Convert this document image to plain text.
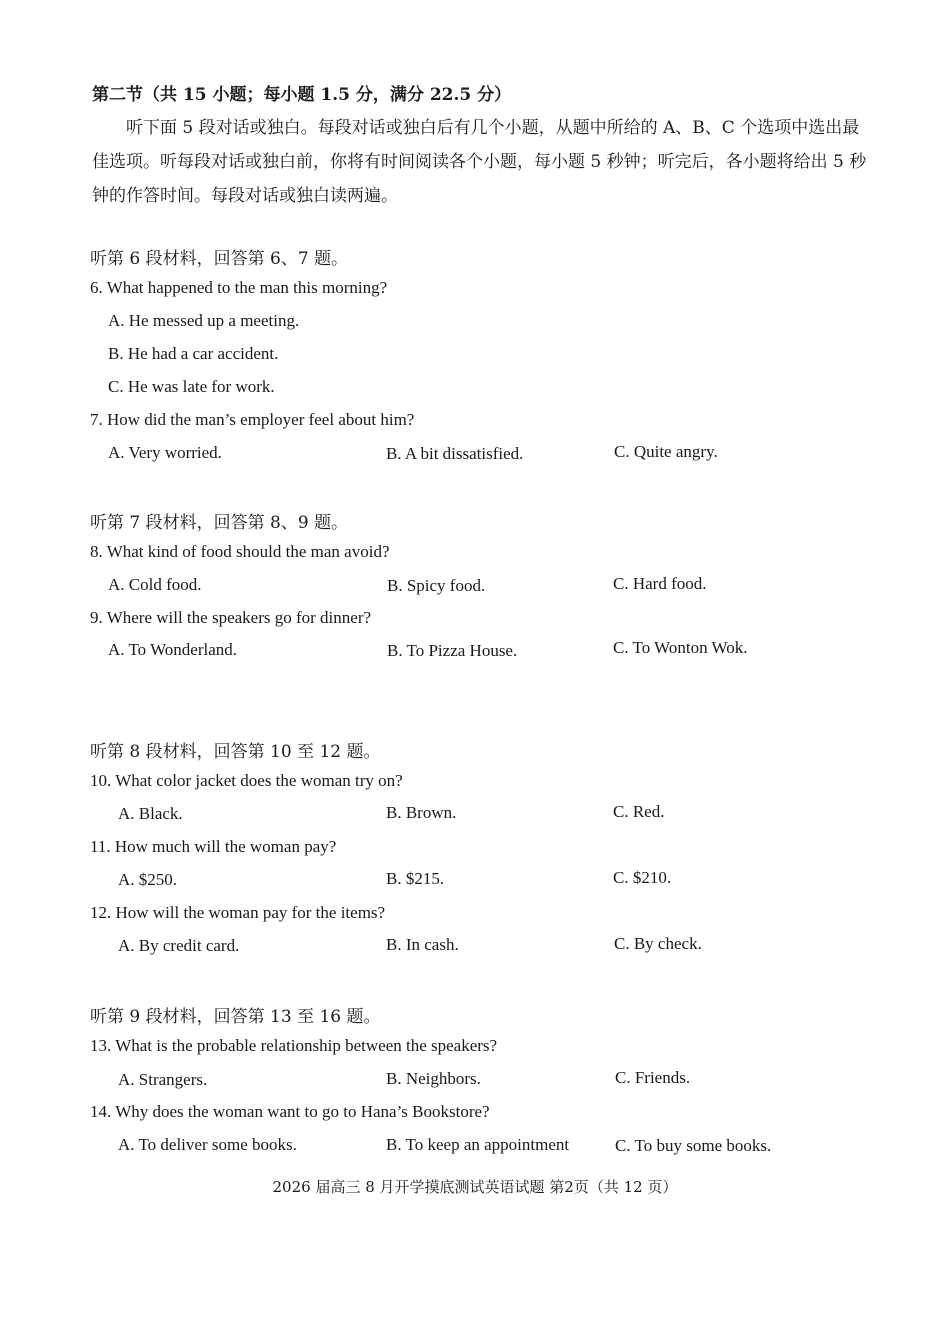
第二节（共 15 小题；每小题 1.5 分，满分 22.5 分）
听下面 5 段对话或独白。每段对话或独白后有几个小题，从题中所给的 A、B、C 个选项中选出最佳选项。听每段对话或独白前，你将有时间阅读各个小题，每小题 5 秒钟；听完后，各小题将给出 5 秒钟的作答时间。每段对话或独白读两遍。
听第 6 段材料，回答第 6、7 题。
6. What happened to the man this morning?
A. He messed up a meeting.
B. He had a car accident.
C. He was late for work.
7. How did the man’s employer feel about him?
A. Very worried.	B. A bit dissatisfied.	C. Quite angry.
听第 7 段材料，回答第 8、9 题。
8. What kind of food should the man avoid?
A. Cold food.	B. Spicy food.	C. Hard food.
9. Where will the speakers go for dinner?
A. To Wonderland.	B. To Pizza House.	C. To Wonton Wok.
听第 8 段材料，回答第 10 至 12 题。
10. What color jacket does the woman try on?
A. Black.	B. Brown.	C. Red.
11. How much will the woman pay?
A. $250.	B. $215.	C. $210.
12. How will the woman pay for the items?
A. By credit card.	B. In cash.	C. By check.
听第 9 段材料，回答第 13 至 16 题。
13. What is the probable relationship between the speakers?
A. Strangers.	B. Neighbors.	C. Friends.
14. Why does the woman want to go to Hana’s Bookstore?
A. To deliver some books.	B. To keep an appointment	C. To buy some books.
2026 届高三 8 月开学摸底测试英语试题 第2页（共 12 页）
